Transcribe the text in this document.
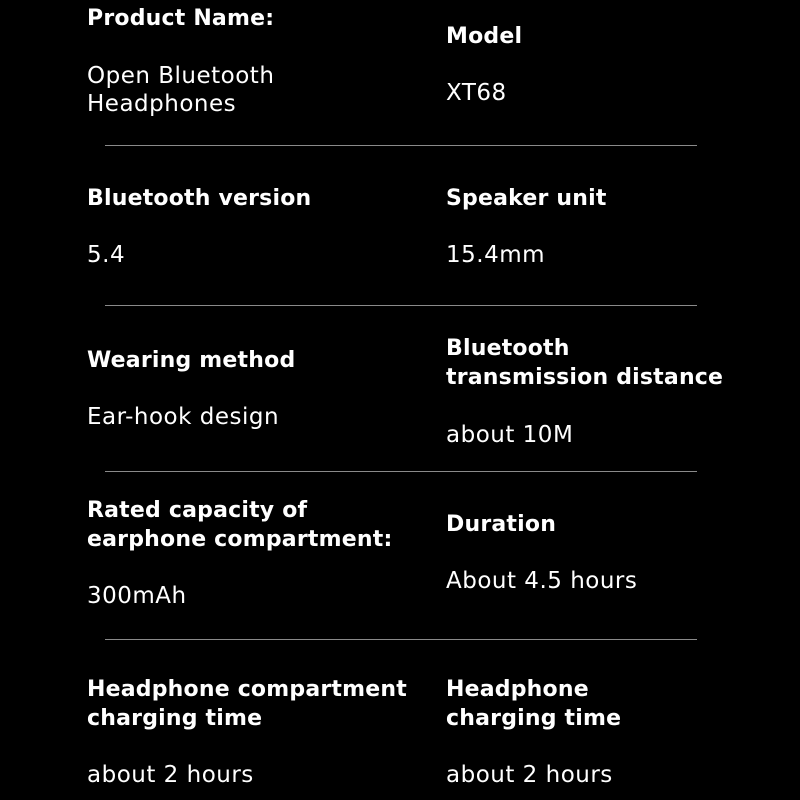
Product Name:
Open Bluetooth
Headphones
Model
XT68
Bluetooth version
5.4
Speaker unit
15.4mm
Wearing method
Ear-hook design
Bluetooth
transmission distance
about 10M
Rated capacity of
earphone compartment:
300mAh
Duration
About 4.5 hours
Headphone compartment
charging time
about 2 hours
Headphone
charging time
about 2 hours
